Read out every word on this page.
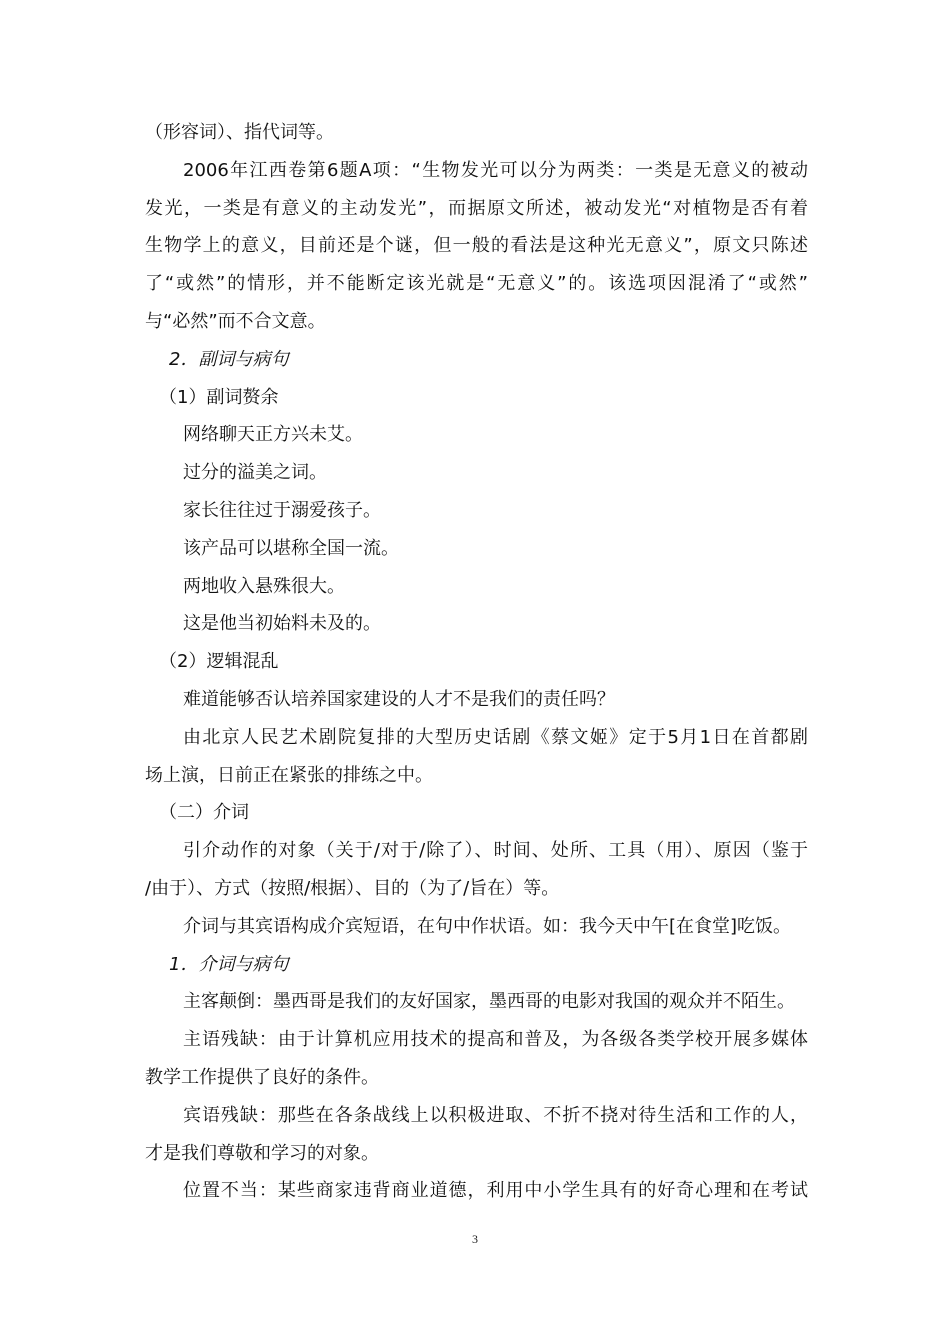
（形容词）、指代词等。
2006年江西卷第6题A项：“生物发光可以分为两类：一类是无意义的被动
发光，一类是有意义的主动发光”，而据原文所述，被动发光“对植物是否有着
生物学上的意义，目前还是个谜，但一般的看法是这种光无意义”，原文只陈述
了“或然”的情形，并不能断定该光就是“无意义”的。该选项因混淆了“或然”
与“必然”而不合文意。
2．副词与病句
（1）副词赘余
网络聊天正方兴未艾。
过分的溢美之词。
家长往往过于溺爱孩子。
该产品可以堪称全国一流。
两地收入悬殊很大。
这是他当初始料未及的。
（2）逻辑混乱
难道能够否认培养国家建设的人才不是我们的责任吗？
由北京人民艺术剧院复排的大型历史话剧《蔡文姬》定于5月1日在首都剧
场上演，日前正在紧张的排练之中。
（二）介词
引介动作的对象（关于/对于/除了）、时间、处所、工具（用）、原因（鉴于
/由于）、方式（按照/根据）、目的（为了/旨在）等。
介词与其宾语构成介宾短语，在句中作状语。如：我今天中午[在食堂]吃饭。
1．介词与病句
主客颠倒：墨西哥是我们的友好国家，墨西哥的电影对我国的观众并不陌生。
主语残缺：由于计算机应用技术的提高和普及，为各级各类学校开展多媒体
教学工作提供了良好的条件。
宾语残缺：那些在各条战线上以积极进取、不折不挠对待生活和工作的人，
才是我们尊敬和学习的对象。
位置不当：某些商家违背商业道德，利用中小学生具有的好奇心理和在考试
3
